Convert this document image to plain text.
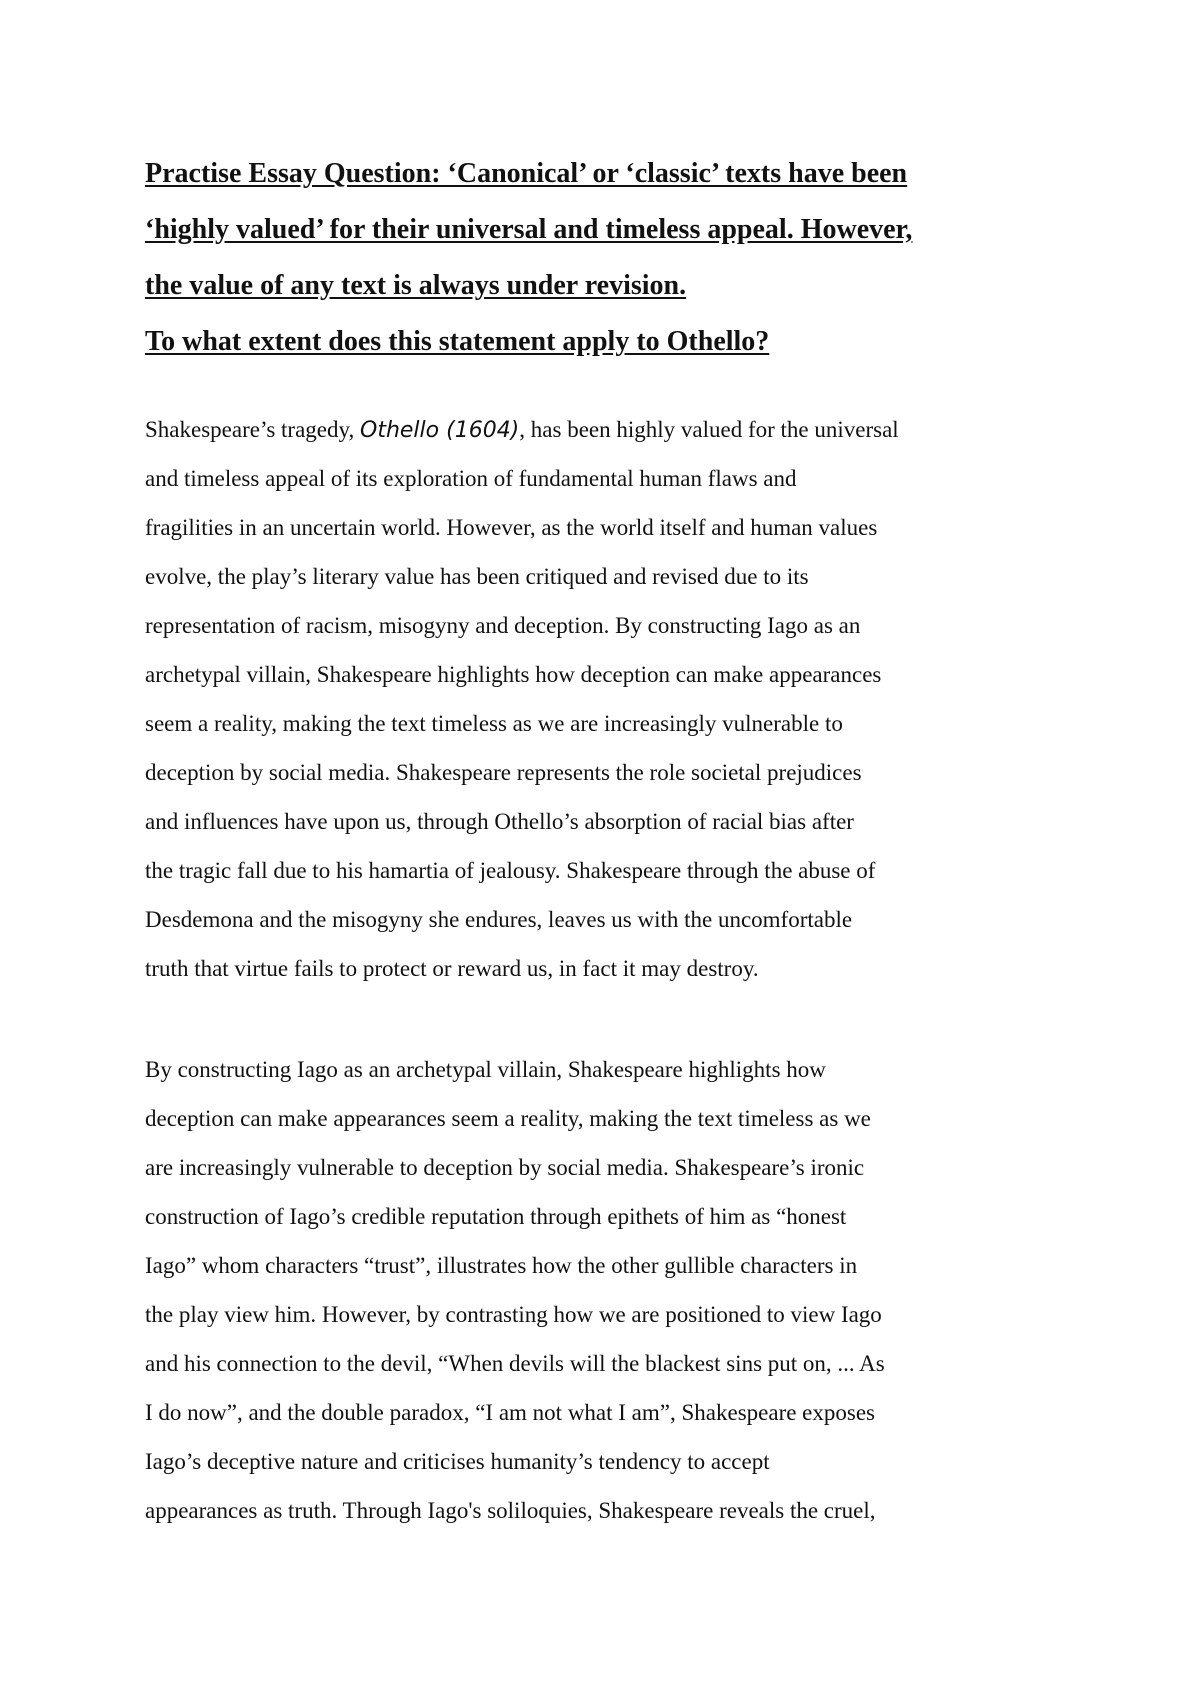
Practise Essay Question: ‘Canonical’ or ‘classic’ texts have been
‘highly valued’ for their universal and timeless appeal. However,
the value of any text is always under revision.
To what extent does this statement apply to Othello?
Shakespeare’s tragedy, Othello (1604), has been highly valued for the universal
and timeless appeal of its exploration of fundamental human flaws and
fragilities in an uncertain world. However, as the world itself and human values
evolve, the play’s literary value has been critiqued and revised due to its
representation of racism, misogyny and deception. By constructing Iago as an
archetypal villain, Shakespeare highlights how deception can make appearances
seem a reality, making the text timeless as we are increasingly vulnerable to
deception by social media. Shakespeare represents the role societal prejudices
and influences have upon us, through Othello’s absorption of racial bias after
the tragic fall due to his hamartia of jealousy. Shakespeare through the abuse of
Desdemona and the misogyny she endures, leaves us with the uncomfortable
truth that virtue fails to protect or reward us, in fact it may destroy.
By constructing Iago as an archetypal villain, Shakespeare highlights how
deception can make appearances seem a reality, making the text timeless as we
are increasingly vulnerable to deception by social media. Shakespeare’s ironic
construction of Iago’s credible reputation through epithets of him as “honest
Iago” whom characters “trust”, illustrates how the other gullible characters in
the play view him. However, by contrasting how we are positioned to view Iago
and his connection to the devil, “When devils will the blackest sins put on, ... As
I do now”, and the double paradox, “I am not what I am”, Shakespeare exposes
Iago’s deceptive nature and criticises humanity’s tendency to accept
appearances as truth. Through Iago's soliloquies, Shakespeare reveals the cruel,
